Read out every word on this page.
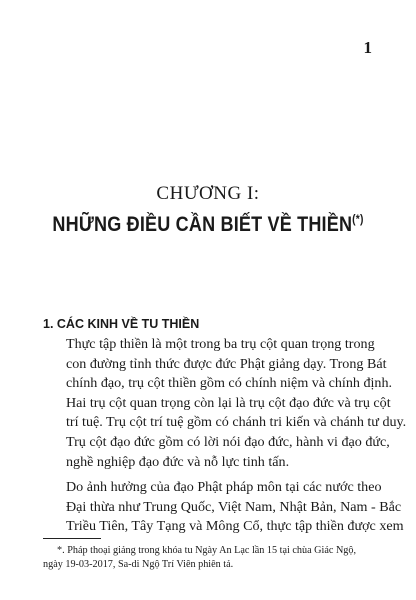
1
CHƯƠNG I:
NHỮNG ĐIỀU CẦN BIẾT VỀ THIỀN(*)
1. CÁC KINH VỀ TU THIỀN

Thực tập thiền là một trong ba trụ cột quan trọng trong
con đường tỉnh thức được đức Phật giảng dạy. Trong Bát
chính đạo, trụ cột thiền gồm có chính niệm và chính định.
Hai trụ cột quan trọng còn lại là trụ cột đạo đức và trụ cột
trí tuệ. Trụ cột trí tuệ gồm có chánh tri kiến và chánh tư duy.
Trụ cột đạo đức gồm có lời nói đạo đức, hành vi đạo đức,
nghề nghiệp đạo đức và nỗ lực tinh tấn.

Do ảnh hưởng của đạo Phật pháp môn tại các nước theo
Đại thừa như Trung Quốc, Việt Nam, Nhật Bản, Nam - Bắc
Triều Tiên, Tây Tạng và Mông Cổ, thực tập thiền được xem

*. Pháp thoại giảng trong khóa tu Ngày An Lạc lần 15 tại chùa Giác Ngộ,
ngày 19-03-2017, Sa-di Ngộ Trí Viên phiên tả.
